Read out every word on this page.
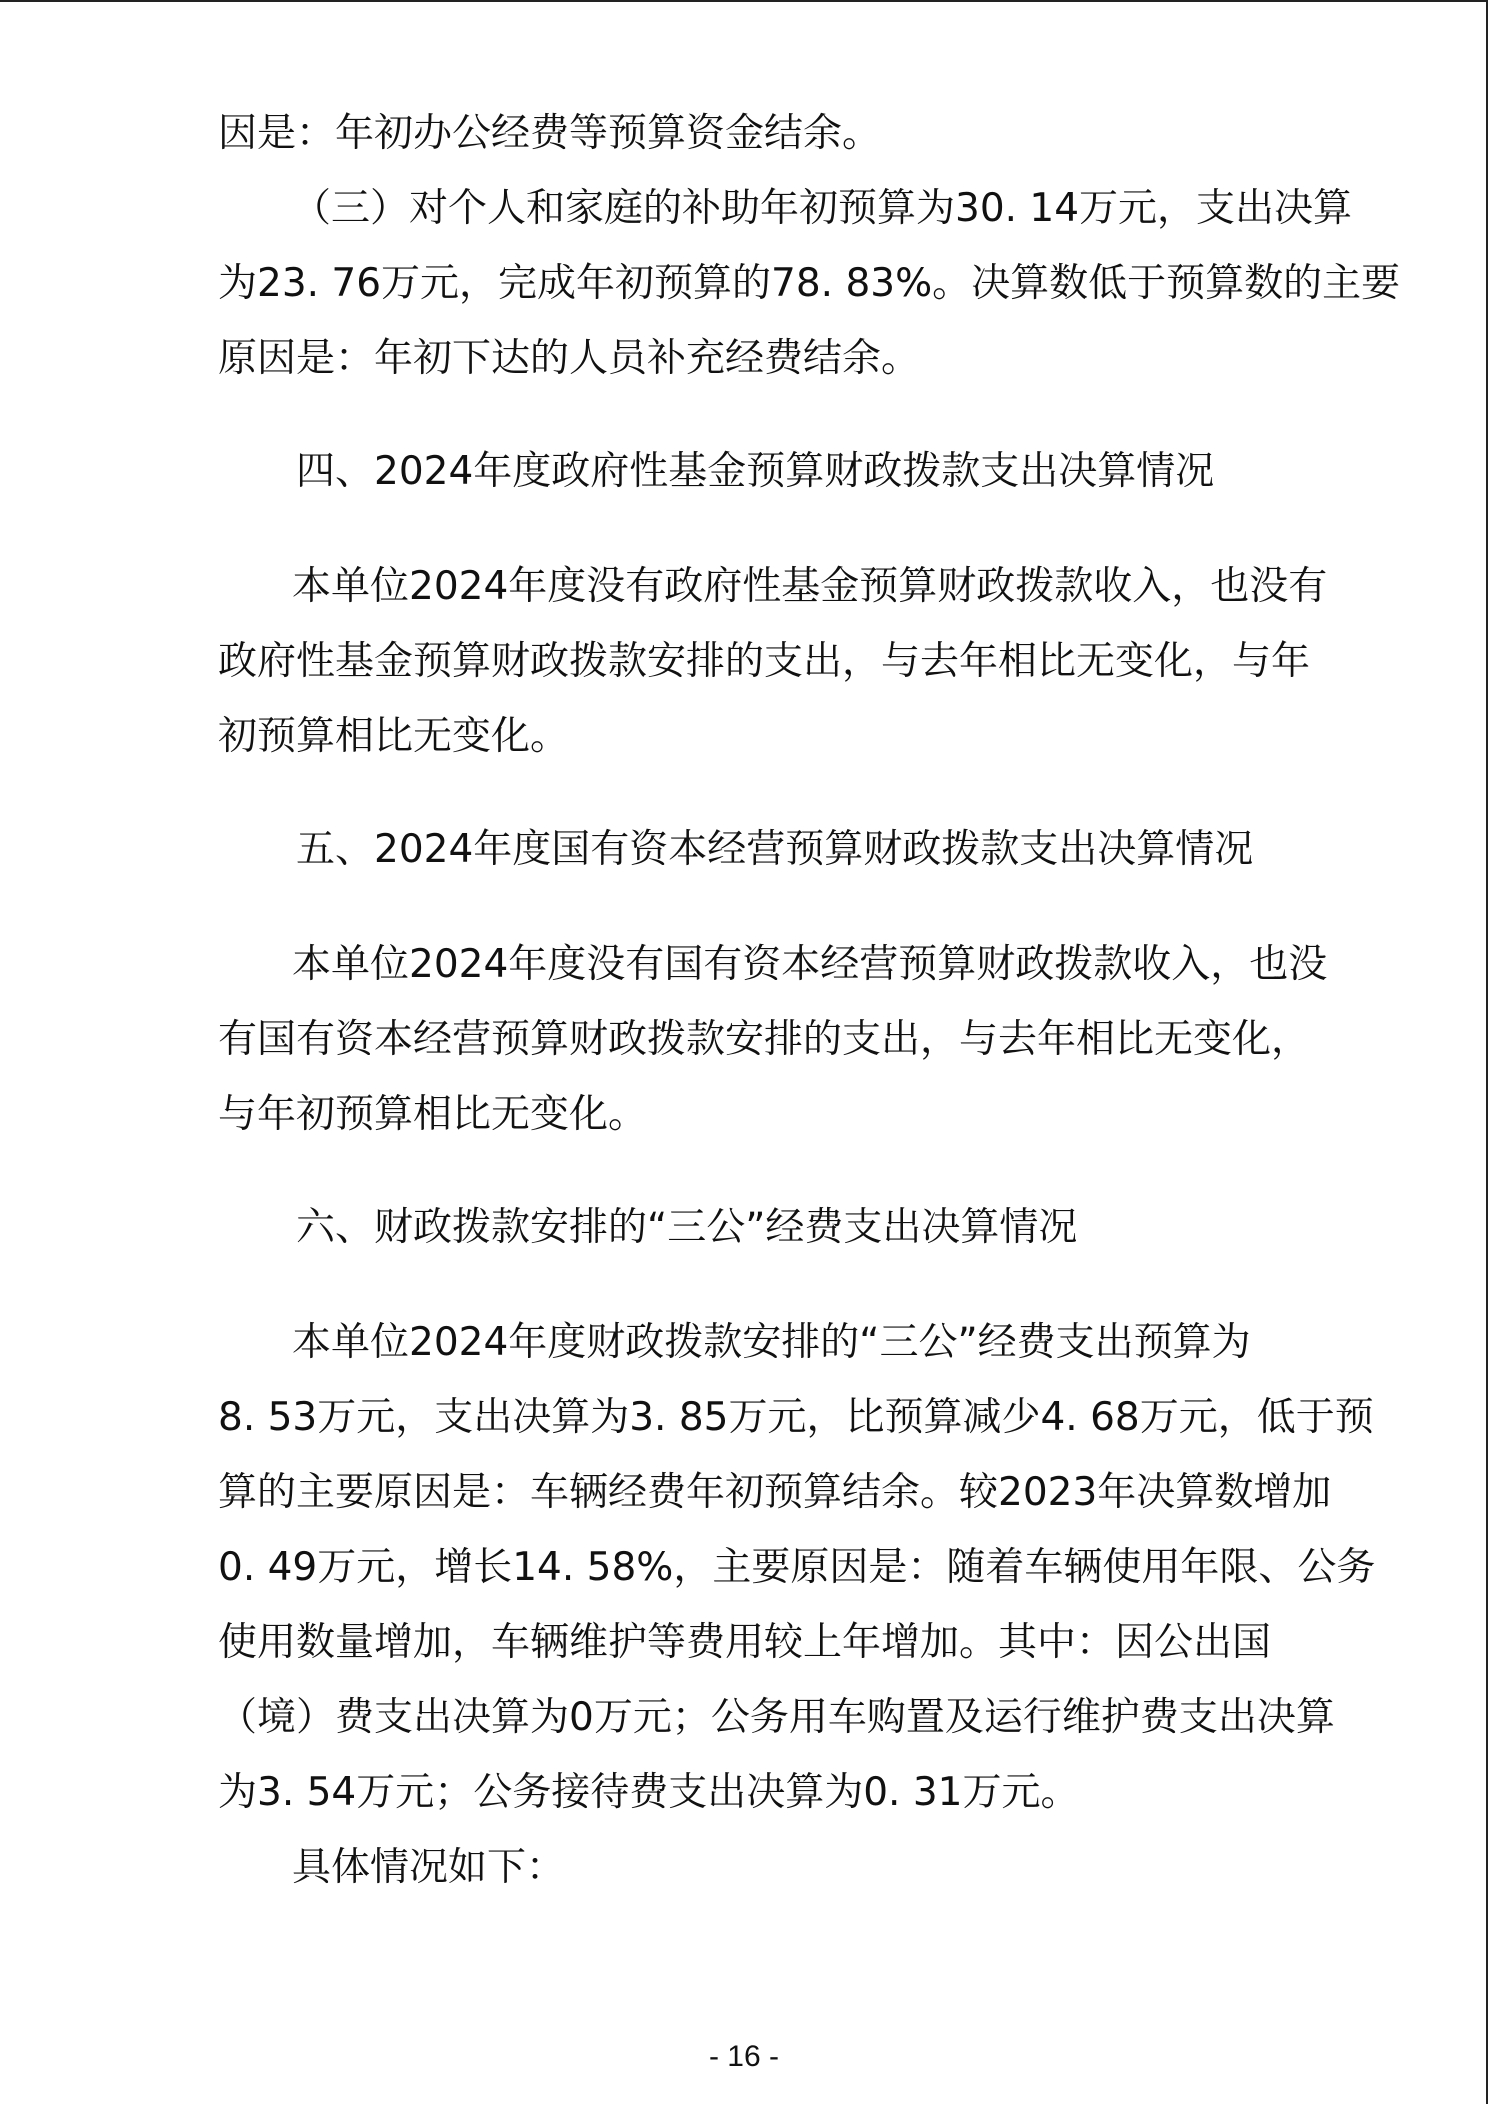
因是：年初办公经费等预算资金结余。
（三）对个人和家庭的补助年初预算为30. 14万元，支出决算
为23. 76万元，完成年初预算的78. 83%。决算数低于预算数的主要
原因是：年初下达的人员补充经费结余。
四、2024年度政府性基金预算财政拨款支出决算情况
本单位2024年度没有政府性基金预算财政拨款收入，也没有
政府性基金预算财政拨款安排的支出，与去年相比无变化，与年
初预算相比无变化。
五、2024年度国有资本经营预算财政拨款支出决算情况
本单位2024年度没有国有资本经营预算财政拨款收入，也没
有国有资本经营预算财政拨款安排的支出，与去年相比无变化，
与年初预算相比无变化。
六、财政拨款安排的“三公”经费支出决算情况
本单位2024年度财政拨款安排的“三公”经费支出预算为
8. 53万元，支出决算为3. 85万元，比预算减少4. 68万元，低于预
算的主要原因是：车辆经费年初预算结余。较2023年决算数增加
0. 49万元，增长14. 58%，主要原因是：随着车辆使用年限、公务
使用数量增加，车辆维护等费用较上年增加。其中：因公出国
（境）费支出决算为0万元；公务用车购置及运行维护费支出决算
为3. 54万元；公务接待费支出决算为0. 31万元。
具体情况如下：
- 16 -
